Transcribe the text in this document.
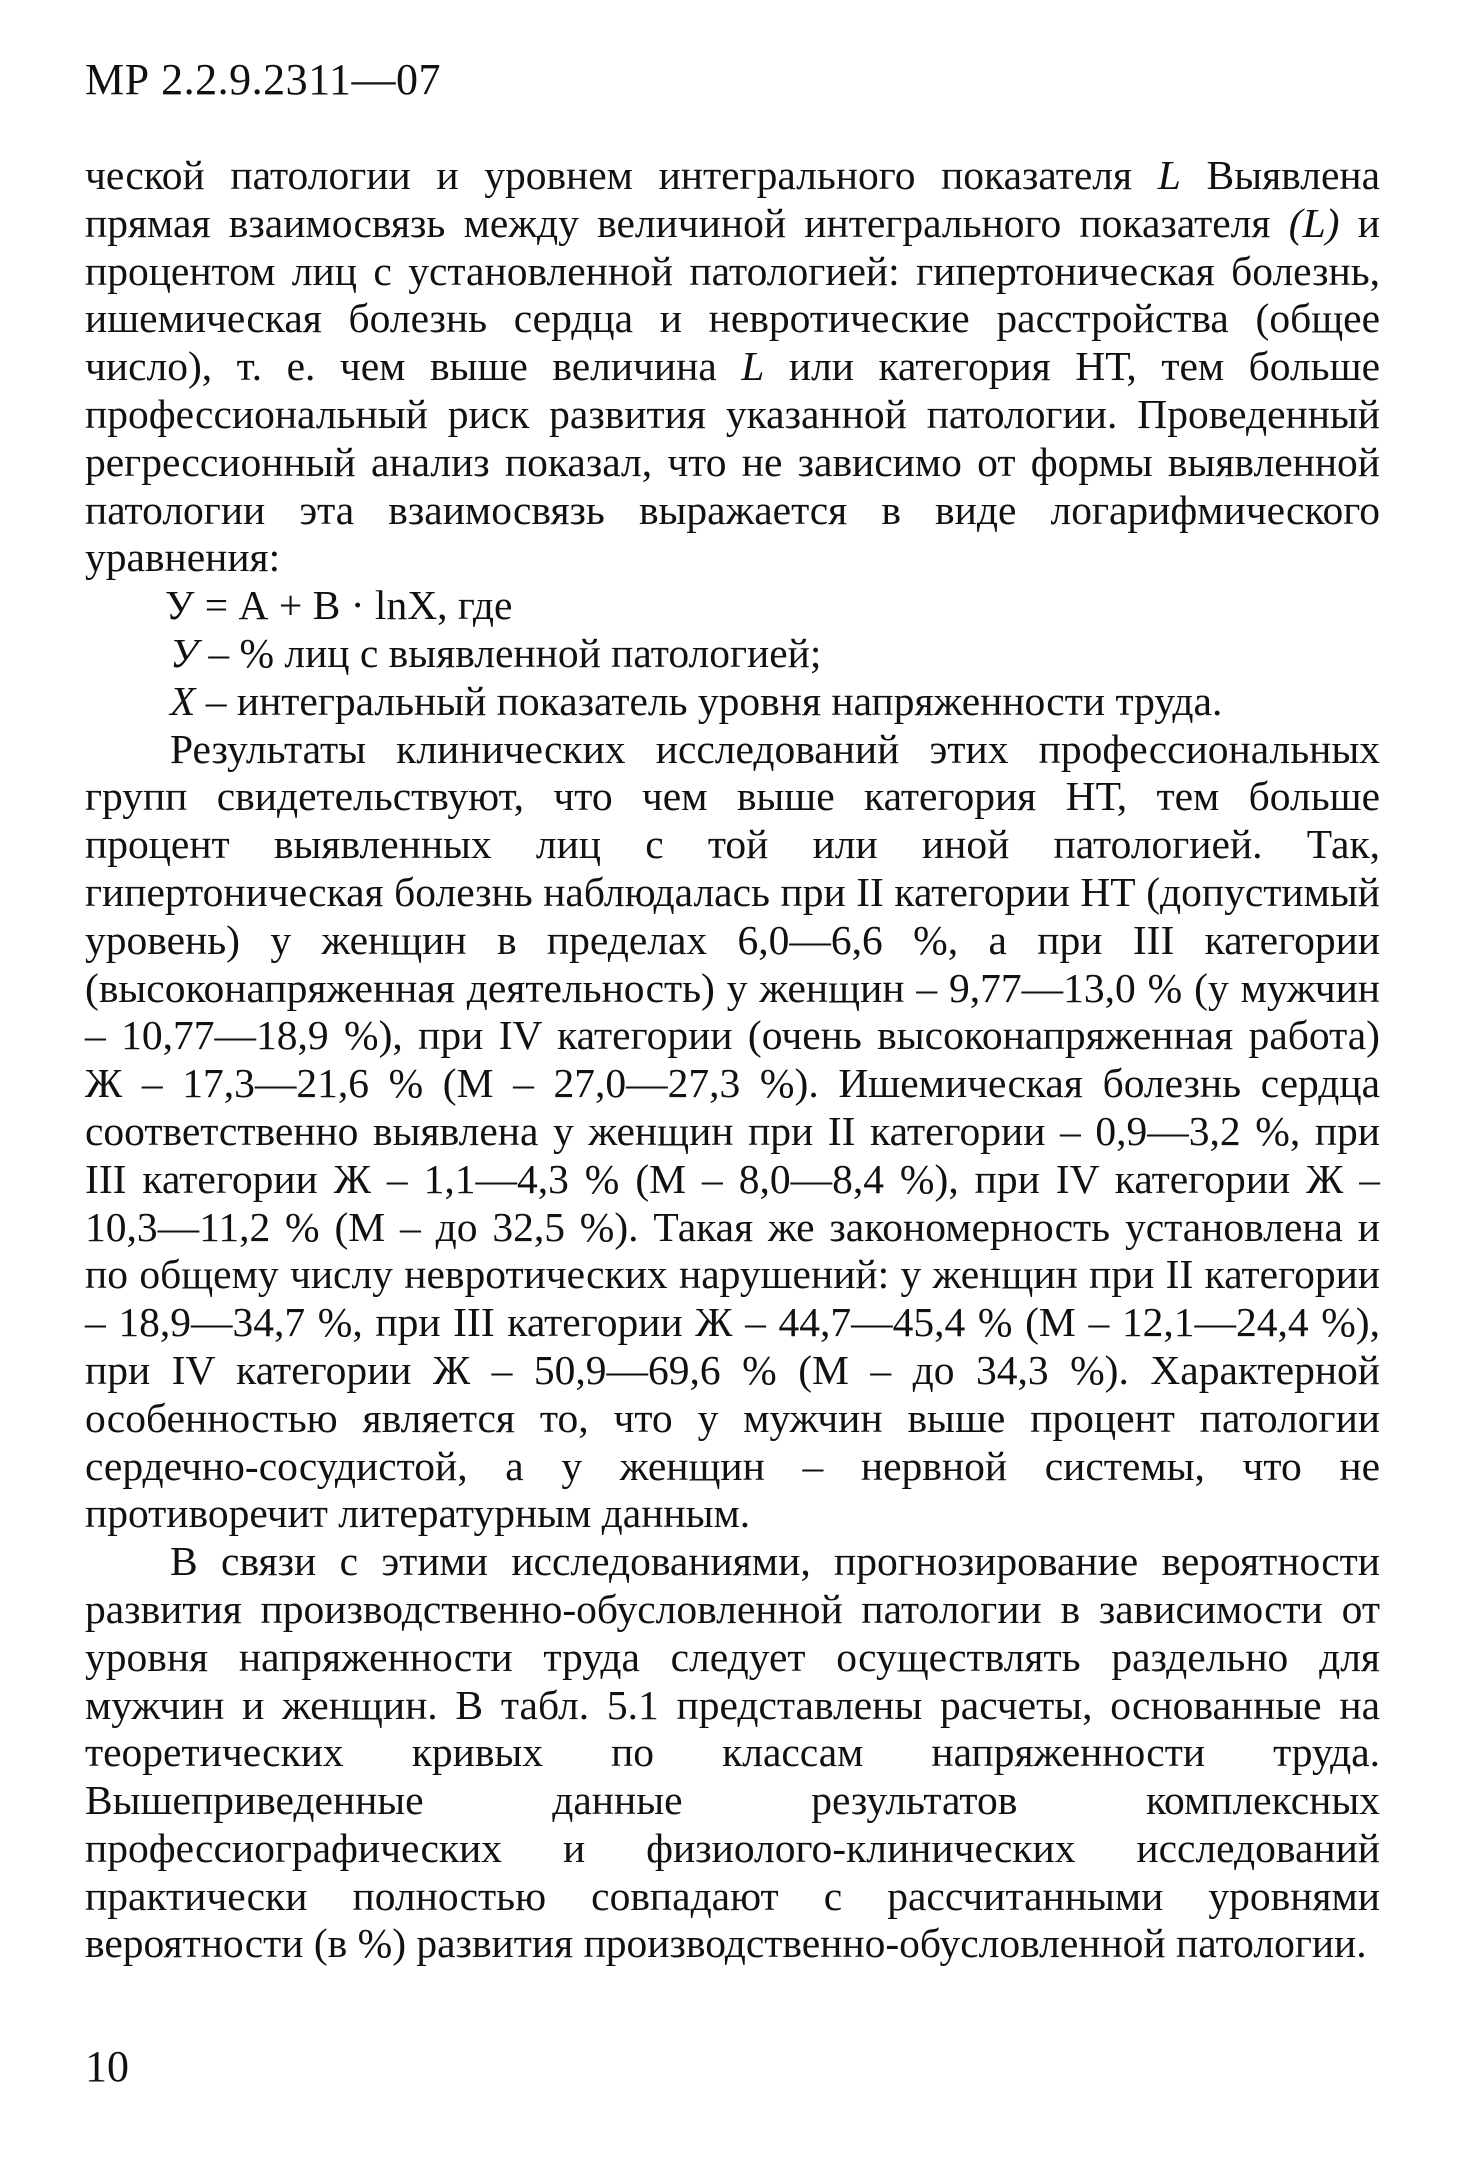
МР 2.2.9.2311—07

ческой патологии и уровнем интегрального показателя L Выявлена прямая взаимосвязь между величиной интегрального показателя (L) и процентом лиц с установленной патологией: гипертоническая болезнь, ишемическая болезнь сердца и невротические расстройства (общее число), т. е. чем выше величина L или категория НТ, тем больше профессиональный риск развития указанной патологии. Проведенный регрессионный анализ показал, что не зависимо от формы выявленной патологии эта взаимосвязь выражается в виде логарифмического уравнения:

У = А + В · lnX, где

У – % лиц с выявленной патологией;

X – интегральный показатель уровня напряженности труда.

Результаты клинических исследований этих профессиональных групп свидетельствуют, что чем выше категория НТ, тем больше процент выявленных лиц с той или иной патологией. Так, гипертоническая болезнь наблюдалась при II категории НТ (допустимый уровень) у женщин в пределах 6,0—6,6 %, а при III категории (высоконапряженная деятельность) у женщин – 9,77—13,0 % (у мужчин – 10,77—18,9 %), при IV категории (очень высоконапряженная работа) Ж – 17,3—21,6 % (М – 27,0—27,3 %). Ишемическая болезнь сердца соответственно выявлена у женщин при II категории – 0,9—3,2 %, при III категории Ж – 1,1—4,3 % (М – 8,0—8,4 %), при IV категории Ж – 10,3—11,2 % (М – до 32,5 %). Такая же закономерность установлена и по общему числу невротических нарушений: у женщин при II категории – 18,9—34,7 %, при III категории Ж – 44,7—45,4 % (М – 12,1—24,4 %), при IV категории Ж – 50,9—69,6 % (М – до 34,3 %). Характерной особенностью является то, что у мужчин выше процент патологии сердечно-сосудистой, а у женщин – нервной системы, что не противоречит литературным данным.

В связи с этими исследованиями, прогнозирование вероятности развития производственно-обусловленной патологии в зависимости от уровня напряженности труда следует осуществлять раздельно для мужчин и женщин. В табл. 5.1 представлены расчеты, основанные на теоретических кривых по классам напряженности труда. Вышеприведенные данные результатов комплексных профессиографических и физиолого-клинических исследований практически полностью совпадают с рассчитанными уровнями вероятности (в %) развития производственно-обусловленной патологии.

10
